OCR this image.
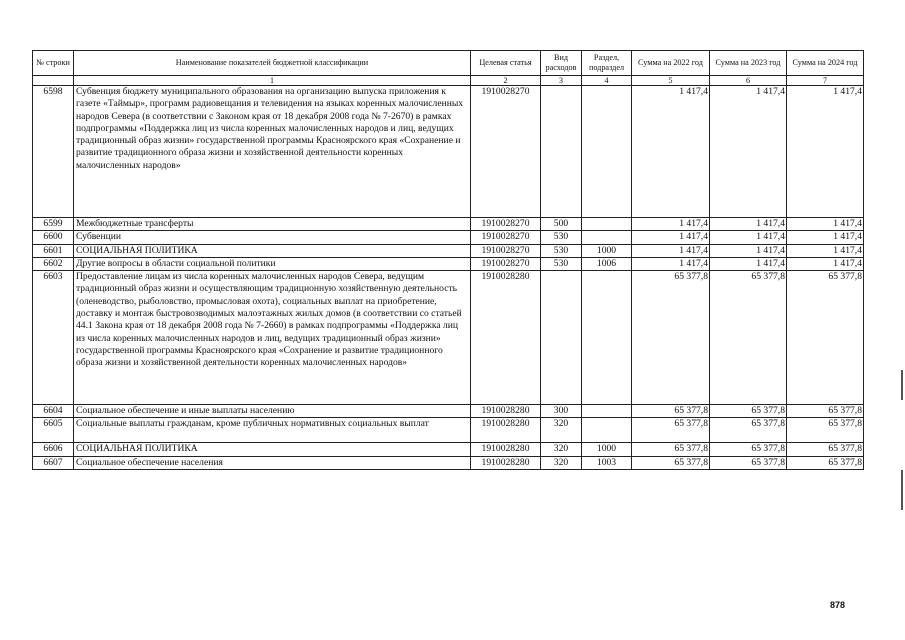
№ строки	Наименование показателей бюджетной классификации	Целевая статья	Вид расходов	Раздел, подраздел	Сумма на 2022 год	Сумма на 2023 год	Сумма на 2024 год
	1	2	3	4	5	6	7
6598	Субвенция бюджету муниципального образования на организацию выпуска приложения к газете «Таймыр», программ радиовещания и телевидения на языках коренных малочисленных народов Севера (в соответствии с Законом края от 18 декабря 2008 года № 7-2670) в рамках подпрограммы «Поддержка лиц из числа коренных малочисленных народов и лиц, ведущих традиционный образ жизни» государственной программы Красноярского края «Сохранение и развитие традиционного образа жизни и хозяйственной деятельности коренных малочисленных народов»	1910028270			1 417,4	1 417,4	1 417,4
6599	Межбюджетные трансферты	1910028270	500		1 417,4	1 417,4	1 417,4
6600	Субвенции	1910028270	530		1 417,4	1 417,4	1 417,4
6601	СОЦИАЛЬНАЯ ПОЛИТИКА	1910028270	530	1000	1 417,4	1 417,4	1 417,4
6602	Другие вопросы в области социальной политики	1910028270	530	1006	1 417,4	1 417,4	1 417,4
6603	Предоставление лицам из числа коренных малочисленных народов Севера, ведущим традиционный образ жизни и осуществляющим традиционную хозяйственную деятельность (оленеводство, рыболовство, промысловая охота), социальных выплат на приобретение, доставку и монтаж быстровозводимых малоэтажных жилых домов (в соответствии со статьей 44.1 Закона края от 18 декабря 2008 года № 7-2660) в рамках подпрограммы «Поддержка лиц из числа коренных малочисленных народов и лиц, ведущих традиционный образ жизни» государственной программы Красноярского края «Сохранение и развитие традиционного образа жизни и хозяйственной деятельности коренных малочисленных народов»	1910028280			65 377,8	65 377,8	65 377,8
6604	Социальное обеспечение и иные выплаты населению	1910028280	300		65 377,8	65 377,8	65 377,8
6605	Социальные выплаты гражданам, кроме публичных нормативных социальных выплат	1910028280	320		65 377,8	65 377,8	65 377,8
6606	СОЦИАЛЬНАЯ ПОЛИТИКА	1910028280	320	1000	65 377,8	65 377,8	65 377,8
6607	Социальное обеспечение населения	1910028280	320	1003	65 377,8	65 377,8	65 377,8
878
